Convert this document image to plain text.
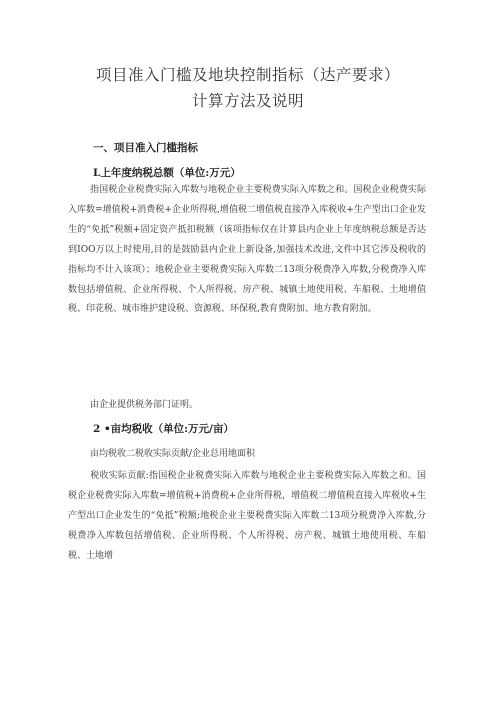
项目准入门槛及地块控制指标（达产要求）
计算方法及说明
一、项目准入门槛指标
L上年度纳税总额（单位:万元）
指国税企业税费实际入库数与地税企业主要税费实际入库数之和。国税企业税费实际入库数=增值税+消费税+企业所得税,增值税二增值税直接净入库税收+生产型出口企业发生的“免抵”税额+固定资产抵扣税额（该项指标仅在计算县内企业上年度纳税总额是否达到IOO万以上时使用,目的是鼓励县内企业上新设备,加强技术改进,文件中其它涉及税收的指标均不计入该项）；地税企业主要税费实际入库数二13项分税费净入库数,分税费净入库数包括增值税、企业所得税、个人所得税、房产税、城镇土地使用税、车船税、土地增值税、印花税、城市维护建设税、资源税、环保税,教育费附加、地方教育附加。
由企业提供税务部门证明。
2 •亩均税收（单位:万元/亩）
亩均税收二税收实际贡献/企业总用地面积
税收实际贡献:指国税企业税费实际入库数与地税企业主要税费实际入库数之和。国税企业税费实际入库数=增值税+消费税+企业所得税，增值税二增值税直接入库税收+生产型出口企业发生的“免抵”税额;地税企业主要税费实际入库数二13项分税费净入库数,分税费净入库数包括增值税、企业所得税、个人所得税、房产税、城镇土地使用税、车船税、土地增
